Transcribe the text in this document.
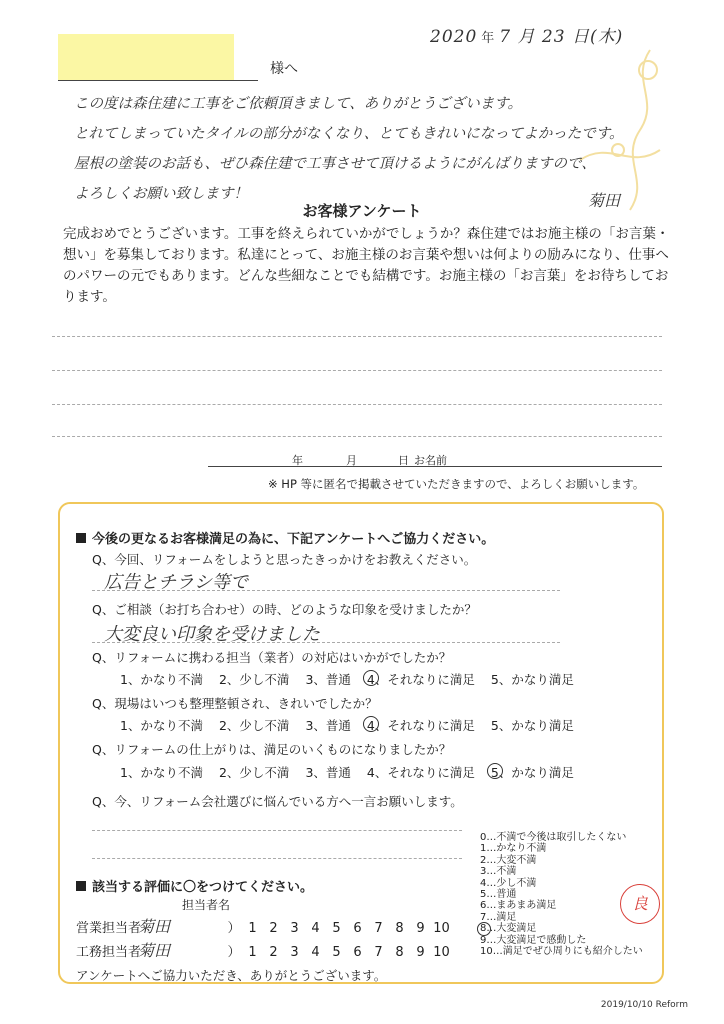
2020 年 7 月 23 日(木)
様へ
この度は森住建に工事をご依頼頂きまして、ありがとうございます。
とれてしまっていたタイルの部分がなくなり、とてもきれいになってよかったです。
屋根の塗装のお話も、ぜひ森住建で工事させて頂けるようにがんばりますので、
よろしくお願い致します！	菊田
お客様アンケート
完成おめでとうございます。工事を終えられていかがでしょうか？森住建ではお施主様の「お言葉・想い」を募集しております。私達にとって、お施主様のお言葉や想いは何よりの励みになり、仕事へのパワーの元でもあります。どんな些細なことでも結構です。お施主様の「お言葉」をお待ちしております。
年	月	日 お名前
※ HP 等に匿名で掲載させていただきますので、よろしくお願いします。
今後の更なるお客様満足の為に、下記アンケートへご協力ください。
Q、今回、リフォームをしようと思ったきっかけをお教えください。
広告とチラシ等で
Q、ご相談（お打ち合わせ）の時、どのような印象を受けましたか？
大変良い印象を受けました
Q、リフォームに携わる担当（業者）の対応はいかがでしたか？
1、かなり不満 2、少し不満 3、普通 4、それなりに満足 5、かなり満足
Q、現場はいつも整理整頓され、きれいでしたか？
1、かなり不満 2、少し不満 3、普通 4、それなりに満足 5、かなり満足
Q、リフォームの仕上がりは、満足のいくものになりましたか？
1、かなり不満 2、少し不満 3、普通 4、それなりに満足 5、かなり満足
Q、今、リフォーム会社選びに悩んでいる方へ一言お願いします。
0…不満で今後は取引したくない
1…かなり不満
2…大変不満
3…不満
4…少し不満
5…普通
6…まあまあ満足
7…満足
8…大変満足
9…大変満足で感動した
10…満足でぜひ周りにも紹介したい
該当する評価に〇をつけてください。
担当者名
営業担当者菊田	） 1 2 3 4 5 6 7 8 9 10
工務担当者菊田	） 1 2 3 4 5 6 7 8 9 10
良
アンケートへご協力いただき、ありがとうございます。
2019/10/10 Reform
